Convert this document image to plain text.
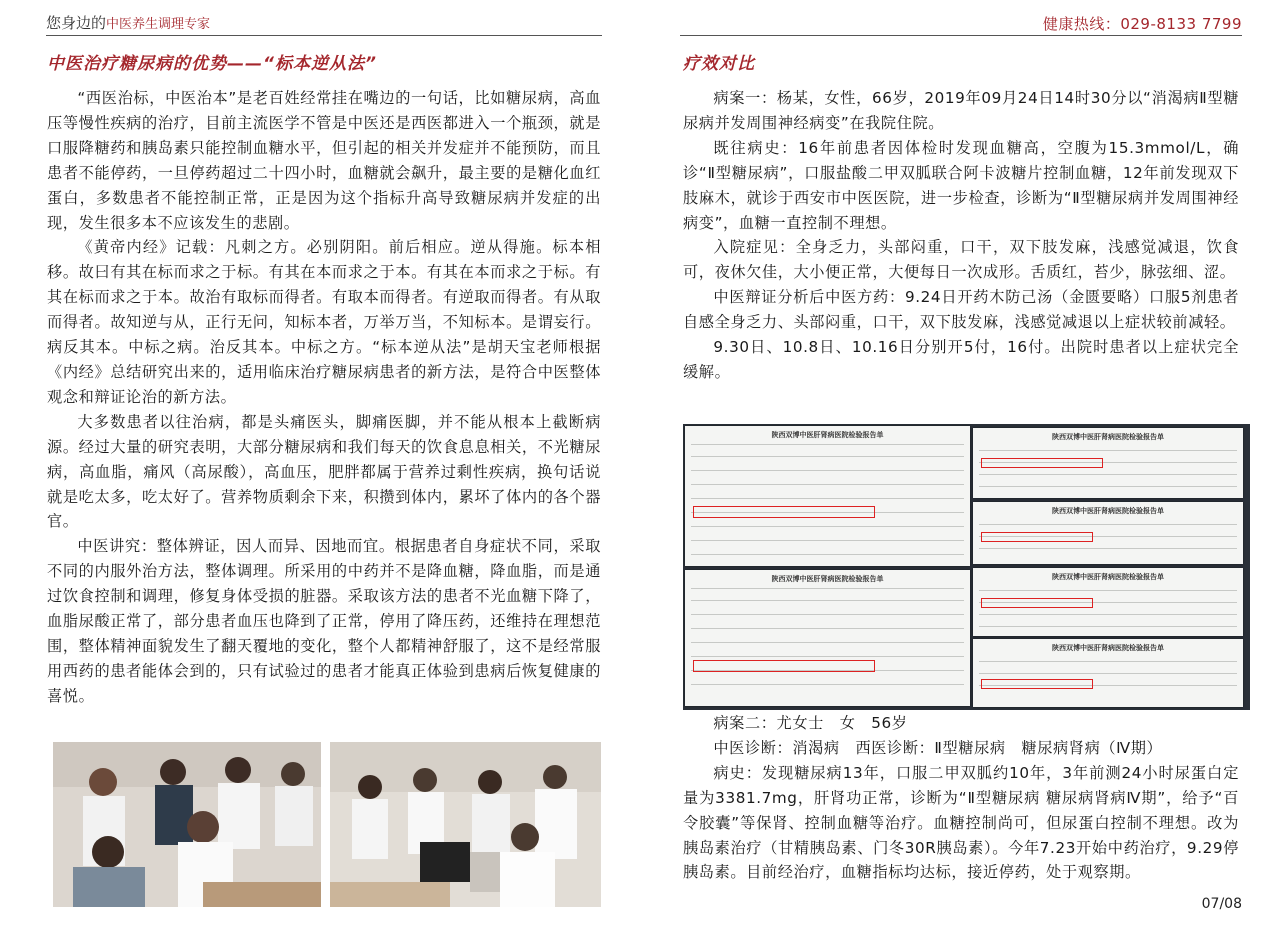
您身边的中医养生调理专家	健康热线：029-8133 7799
中医治疗糖尿病的优势——“标本逆从法”

“西医治标，中医治本”是老百姓经常挂在嘴边的一句话，比如糖尿病，高血压等慢性疾病的治疗，目前主流医学不管是中医还是西医都进入一个瓶颈，就是口服降糖药和胰岛素只能控制血糖水平，但引起的相关并发症并不能预防，而且患者不能停药，一旦停药超过二十四小时，血糖就会飙升，最主要的是糖化血红蛋白，多数患者不能控制正常，正是因为这个指标升高导致糖尿病并发症的出现，发生很多本不应该发生的悲剧。

《黄帝内经》记载：凡刺之方。必别阴阳。前后相应。逆从得施。标本相移。故曰有其在标而求之于标。有其在本而求之于本。有其在本而求之于标。有其在标而求之于本。故治有取标而得者。有取本而得者。有逆取而得者。有从取而得者。故知逆与从，正行无问，知标本者，万举万当，不知标本。是谓妄行。病反其本。中标之病。治反其本。中标之方。“标本逆从法”是胡天宝老师根据《内经》总结研究出来的，适用临床治疗糖尿病患者的新方法，是符合中医整体观念和辩证论治的新方法。

大多数患者以往治病，都是头痛医头，脚痛医脚，并不能从根本上截断病源。经过大量的研究表明，大部分糖尿病和我们每天的饮食息息相关，不光糖尿病，高血脂，痛风（高尿酸），高血压，肥胖都属于营养过剩性疾病，换句话说就是吃太多，吃太好了。营养物质剩余下来，积攒到体内，累坏了体内的各个器官。

中医讲究：整体辨证，因人而异、因地而宜。根据患者自身症状不同，采取不同的内服外治方法，整体调理。所采用的中药并不是降血糖，降血脂，而是通过饮食控制和调理，修复身体受损的脏器。采取该方法的患者不光血糖下降了，血脂尿酸正常了，部分患者血压也降到了正常，停用了降压药，还维持在理想范围，整体精神面貌发生了翻天覆地的变化，整个人都精神舒服了，这不是经常服用西药的患者能体会到的，只有试验过的患者才能真正体验到患病后恢复健康的喜悦。

疗效对比

病案一：杨某，女性，66岁，2019年09月24日14时30分以“消渴病Ⅱ型糖尿病并发周围神经病变”在我院住院。

既往病史：16年前患者因体检时发现血糖高，空腹为15.3mmol/L，确诊“Ⅱ型糖尿病”，口服盐酸二甲双胍联合阿卡波糖片控制血糖，12年前发现双下肢麻木，就诊于西安市中医医院，进一步检查，诊断为“Ⅱ型糖尿病并发周围神经病变”，血糖一直控制不理想。

入院症见：全身乏力，头部闷重，口干，双下肢发麻，浅感觉减退，饮食可，夜休欠佳，大小便正常，大便每日一次成形。舌质红，苔少，脉弦细、涩。

中医辩证分析后中医方药：9.24日开药木防己汤（金匮要略）口服5剂患者自感全身乏力、头部闷重，口干，双下肢发麻，浅感觉减退以上症状较前减轻。

9.30日、10.8日、10.16日分别开5付，16付。出院时患者以上症状完全缓解。

陕西双博中医肝肾病医院检验报告单	陕西双博中医肝肾病医院检验报告单
陕西双博中医肝肾病医院检验报告单
陕西双博中医肝肾病医院检验报告单	陕西双博中医肝肾病医院检验报告单
陕西双博中医肝肾病医院检验报告单

病案二：尤女士　女　56岁

中医诊断：消渴病　西医诊断：Ⅱ型糖尿病　糖尿病肾病（Ⅳ期）

病史：发现糖尿病13年，口服二甲双胍约10年，3年前测24小时尿蛋白定量为3381.7mg，肝肾功正常，诊断为“Ⅱ型糖尿病 糖尿病肾病Ⅳ期”，给予“百令胶囊”等保肾、控制血糖等治疗。血糖控制尚可，但尿蛋白控制不理想。改为胰岛素治疗（甘精胰岛素、门冬30R胰岛素）。今年7.23开始中药治疗，9.29停胰岛素。目前经治疗，血糖指标均达标，接近停药，处于观察期。

07/08
